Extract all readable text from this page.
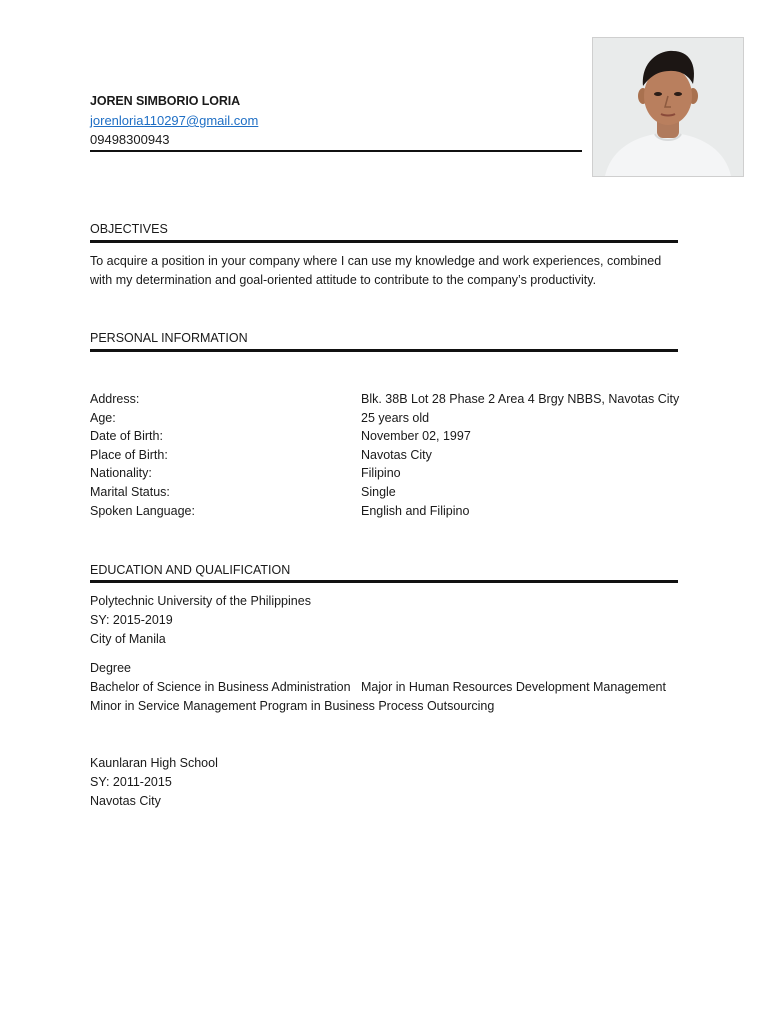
JOREN SIMBORIO LORIA
jorenloria110297@gmail.com
09498300943
OBJECTIVES
To acquire a position in your company where I can use my knowledge and work experiences, combined
with my determination and goal-oriented attitude to contribute to the company’s productivity.
PERSONAL INFORMATION
Address:	Blk. 38B Lot 28 Phase 2 Area 4 Brgy NBBS, Navotas City
Age:	25 years old
Date of Birth:	November 02, 1997
Place of Birth:	Navotas City
Nationality:	Filipino
Marital Status:	Single
Spoken Language:	English and Filipino
EDUCATION AND QUALIFICATION
Polytechnic University of the Philippines
SY: 2015-2019
City of Manila
Degree
Bachelor of Science in Business Administration   Major in Human Resources Development Management
Minor in Service Management Program in Business Process Outsourcing
Kaunlaran High School
SY: 2011-2015
Navotas City
